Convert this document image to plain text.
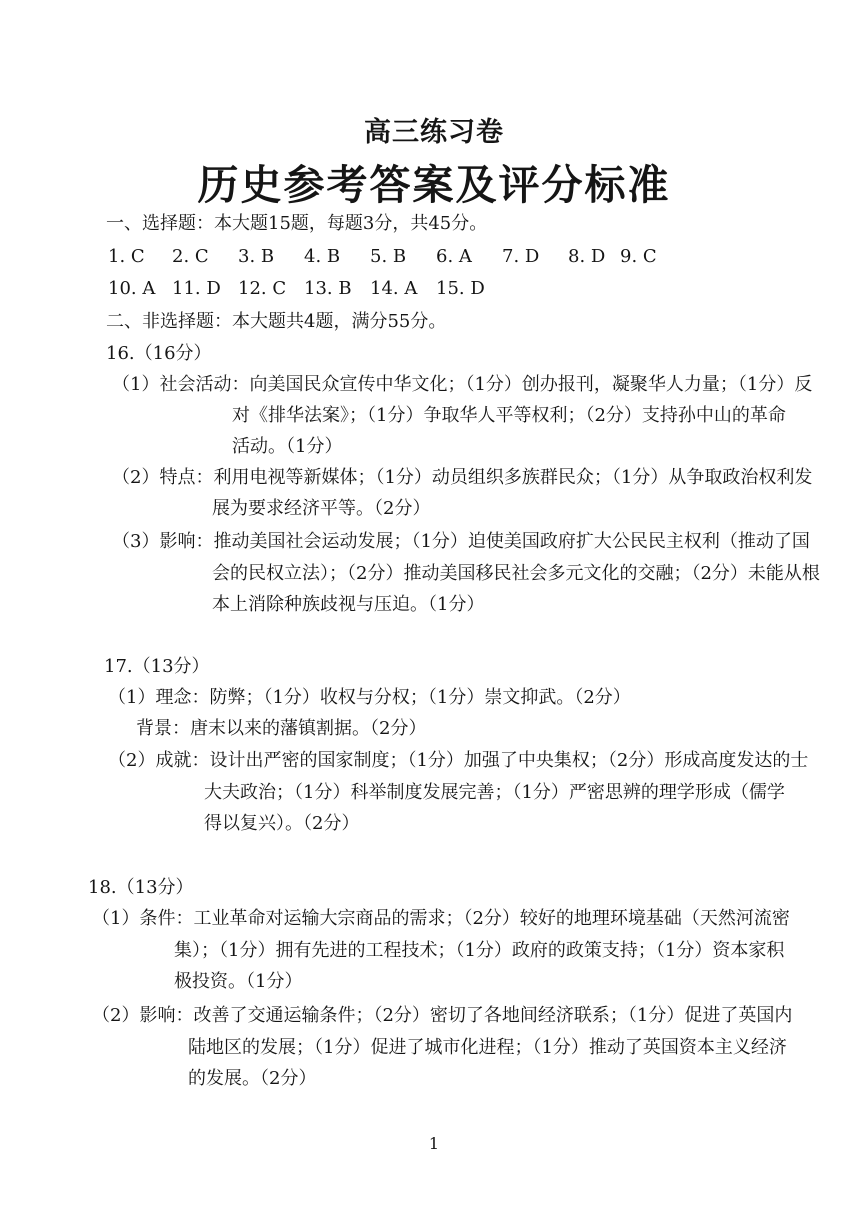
高三练习卷
历史参考答案及评分标准

一、选择题：本大题15题，每题3分，共45分。

1. C 2. C 3. B 4. B 5. B 6. A 7. D 8. D 9. C
10. A 11. D 12. C 13. B 14. A 15. D

二、非选择题：本大题共4题，满分55分。

16.（16分）

（1）社会活动：向美国民众宣传中华文化；（1分）创办报刊，凝聚华人力量；（1分）反

对《排华法案》；（1分）争取华人平等权利；（2分）支持孙中山的革命

活动。（1分）

（2）特点：利用电视等新媒体；（1分）动员组织多族群民众；（1分）从争取政治权利发

展为要求经济平等。（2分）

（3）影响：推动美国社会运动发展；（1分）迫使美国政府扩大公民民主权利（推动了国

会的民权立法）；（2分）推动美国移民社会多元文化的交融；（2分）未能从根

本上消除种族歧视与压迫。（1分）

17.（13分）

（1）理念：防弊；（1分）收权与分权；（1分）崇文抑武。（2分）

背景：唐末以来的藩镇割据。（2分）

（2）成就：设计出严密的国家制度；（1分）加强了中央集权；（2分）形成高度发达的士

大夫政治；（1分）科举制度发展完善；（1分）严密思辨的理学形成（儒学

得以复兴）。（2分）

18.（13分）

（1）条件：工业革命对运输大宗商品的需求；（2分）较好的地理环境基础（天然河流密

集）；（1分）拥有先进的工程技术；（1分）政府的政策支持；（1分）资本家积

极投资。（1分）

（2）影响：改善了交通运输条件；（2分）密切了各地间经济联系；（1分）促进了英国内

陆地区的发展；（1分）促进了城市化进程；（1分）推动了英国资本主义经济

的发展。（2分）

1
